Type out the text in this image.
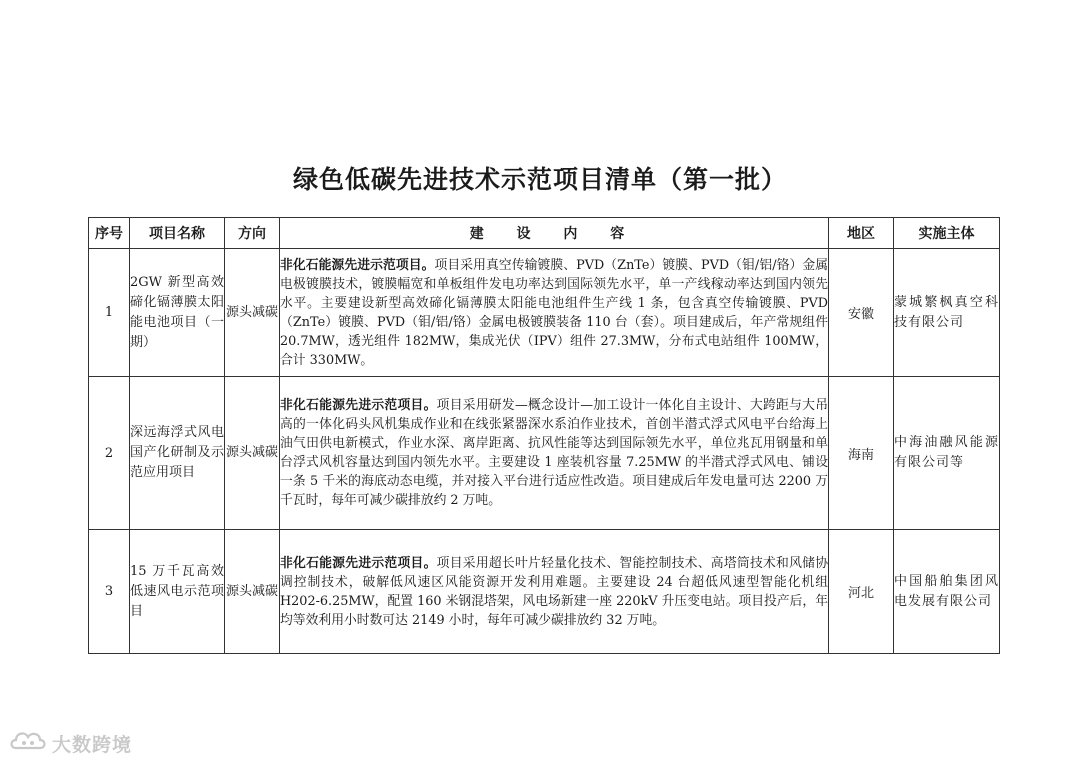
绿色低碳先进技术示范项目清单（第一批）
序号	项目名称	方向	建 设 内 容	地区	实施主体
1	2GW 新型高效碲化镉薄膜太阳能电池项目（一期）	源头减碳	非化石能源先进示范项目。项目采用真空传输镀膜、PVD（ZnTe）镀膜、PVD（钼/铝/铬）金属电极镀膜技术，镀膜幅宽和单板组件发电功率达到国际领先水平，单一产线稼动率达到国内领先水平。主要建设新型高效碲化镉薄膜太阳能电池组件生产线 1 条，包含真空传输镀膜、PVD（ZnTe）镀膜、PVD（钼/铝/铬）金属电极镀膜装备 110 台（套）。项目建成后，年产常规组件 20.7MW，透光组件 182MW，集成光伏（IPV）组件 27.3MW，分布式电站组件 100MW，合计 330MW。	安徽	蒙城繁枫真空科技有限公司
2	深远海浮式风电国产化研制及示范应用项目	源头减碳	非化石能源先进示范项目。项目采用研发—概念设计—加工设计一体化自主设计、大跨距与大吊高的一体化码头风机集成作业和在线张紧器深水系泊作业技术，首创半潜式浮式风电平台给海上油气田供电新模式，作业水深、离岸距离、抗风性能等达到国际领先水平，单位兆瓦用钢量和单台浮式风机容量达到国内领先水平。主要建设 1 座装机容量 7.25MW 的半潜式浮式风电、铺设一条 5 千米的海底动态电缆，并对接入平台进行适应性改造。项目建成后年发电量可达 2200 万千瓦时，每年可减少碳排放约 2 万吨。	海南	中海油融风能源有限公司等
3	15 万千瓦高效低速风电示范项目	源头减碳	非化石能源先进示范项目。项目采用超长叶片轻量化技术、智能控制技术、高塔筒技术和风储协调控制技术，破解低风速区风能资源开发利用难题。主要建设 24 台超低风速型智能化机组 H202-6.25MW，配置 160 米钢混塔架，风电场新建一座 220kV 升压变电站。项目投产后，年均等效利用小时数可达 2149 小时，每年可减少碳排放约 32 万吨。	河北	中国船舶集团风电发展有限公司
大数跨境
